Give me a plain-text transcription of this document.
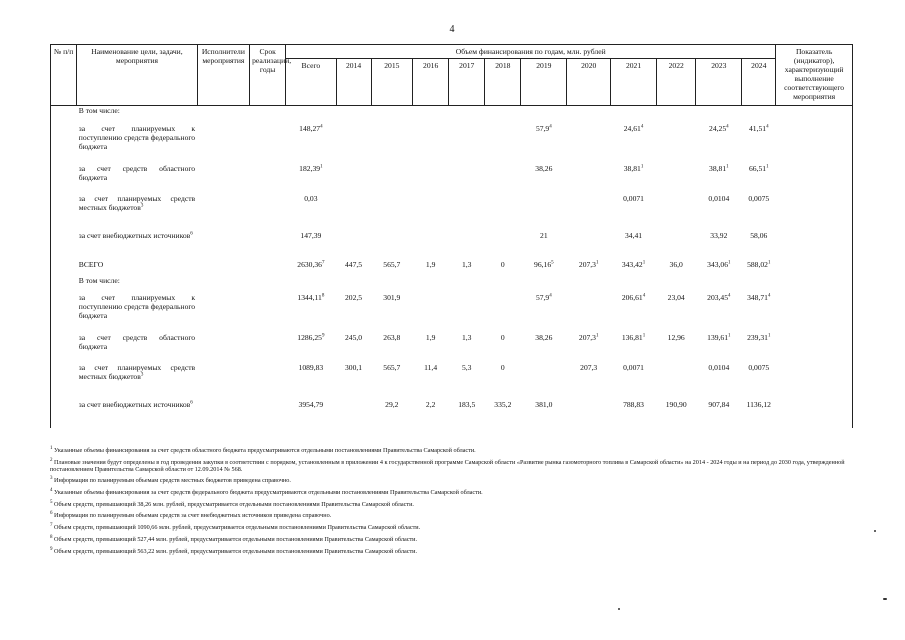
4
№ п/п	Наименование цели, задачи, мероприятия	Исполнители мероприятия	Срок реализации, годы	Объем финансирования по годам, млн. рублей												Показатель (индикатор), характеризующий выполнение соответствующего мероприятия
				Всего	2014	2015	2016	2017	2018	2019	2020	2021	2022	2023	2024	
	В том числе:															
	за счет планируемых к поступлению средств федерального бюджета			148,27$^4$						57,9$^4$		24,61$^4$		24,25$^4$	41,51$^4$	
	за счет средств областного бюджета			182,39$^1$						38,26		38,81$^1$		38,81$^1$	66,51$^1$	
	за счет планируемых средств местных бюджетов$^3$			0,03								0,0071		0,0104	0,0075	
	за счет внебюджетных источников$^6$			147,39						21		34,41		33,92	58,06	
	ВСЕГО			2630,36$^7$	447,5	565,7	1,9	1,3	0	96,16$^5$	207,3$^1$	343,42$^1$	36,0	343,06$^1$	588,02$^1$	
	В том числе:															
	за счет планируемых к поступлению средств федерального бюджета			1344,11$^8$	202,5	301,9				57,9$^4$		206,61$^4$	23,04	203,45$^4$	348,71$^4$	
	за счет средств областного бюджета			1286,25$^9$	245,0	263,8	1,9	1,3	0	38,26	207,3$^1$	136,81$^1$	12,96	139,61$^1$	239,31$^1$	
	за счет планируемых средств местных бюджетов$^3$			1089,83	300,1	565,7	11,4	5,3	0		207,3	0,0071		0,0104	0,0075	
	за счет внебюджетных источников$^6$			3954,79		29,2	2,2	183,5	335,2	381,0		788,83	190,90	907,84	1136,12	

$^1$ Указанные объемы финансирования за счет средств областного бюджета предусматриваются отдельными постановлениями Правительства Самарской области.

$^2$ Плановые значения будут определены в год проведения закупки в соответствии с порядком, установленным в приложении 4 к государственной программе Самарской области «Развитие рынка газомоторного топлива в Самарской области» на 2014 - 2024 годы и на период до 2030 года, утвержденной постановлением Правительства Самарской области от 12.09.2014 № 568.

$^3$ Информация по планируемым объемам средств местных бюджетов приведена справочно.

$^4$ Указанные объемы финансирования за счет средств федерального бюджета предусматриваются отдельными постановлениями Правительства Самарской области.

$^5$ Объем средств, превышающий 38,26 млн. рублей, предусматривается отдельными постановлениями Правительства Самарской области.

$^6$ Информация по планируемым объемам средств за счет внебюджетных источников приведена справочно.

$^7$ Объем средств, превышающий 1090,66 млн. рублей, предусматривается отдельными постановлениями Правительства Самарской области.

$^8$ Объем средств, превышающий 527,44 млн. рублей, предусматривается отдельными постановлениями Правительства Самарской области.

$^9$ Объем средств, превышающий 563,22 млн. рублей, предусматривается отдельными постановлениями Правительства Самарской области.
